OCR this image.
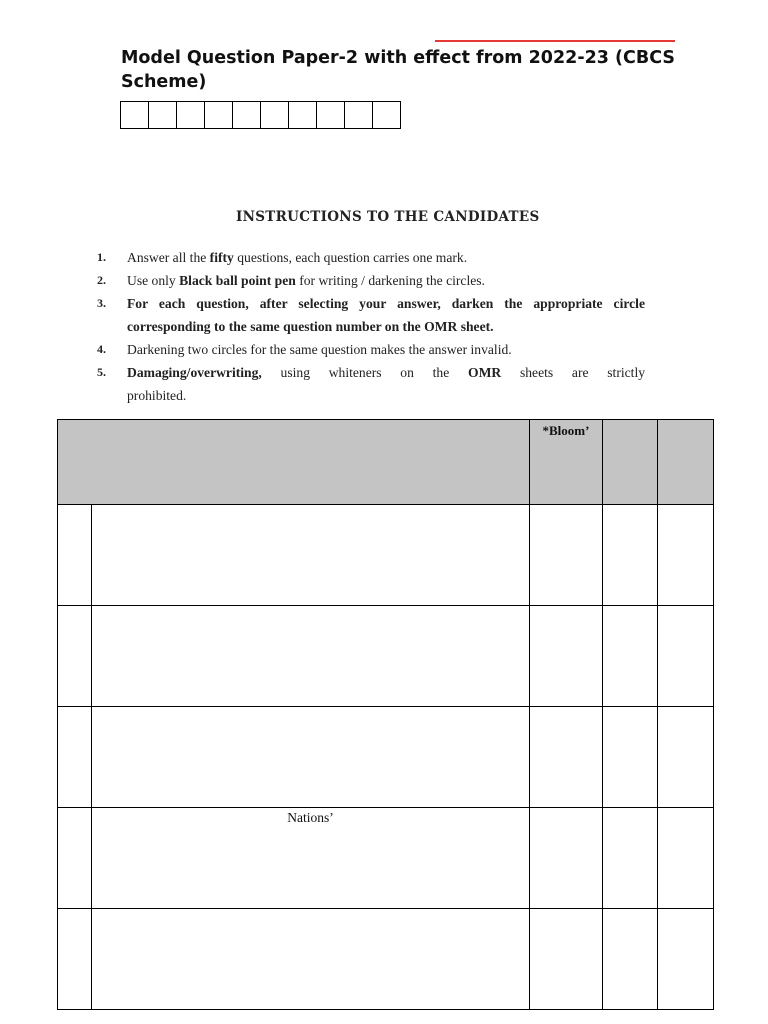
Model Question Paper-2 with effect from 2022-23 (CBCS Scheme)
INSTRUCTIONS TO THE CANDIDATES
1.	Answer all the fifty questions, each question carries one mark.
2.	Use only Black ball point pen for writing / darkening the circles.
3.	For each question, after selecting your answer, darken the appropriate circle
corresponding to the same question number on the OMR sheet.
4.	Darkening two circles for the same question makes the answer invalid.
5.	Damaging/overwriting, using whiteners on the OMR sheets are strictly
prohibited.

		*Bloom’		

	Nations’			
